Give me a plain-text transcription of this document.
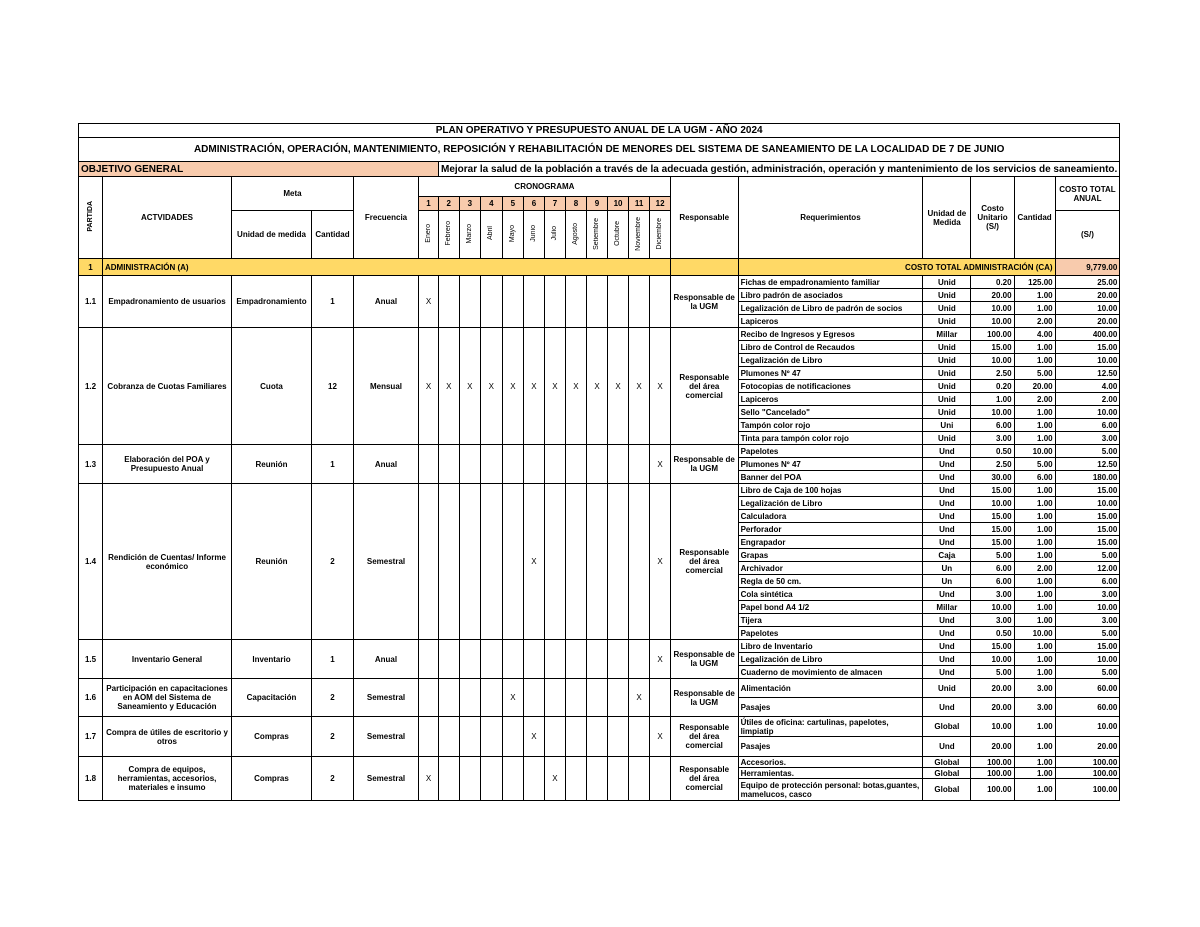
PLAN OPERATIVO Y PRESUPUESTO ANUAL DE LA UGM - AÑO 2024																						
ADMINISTRACIÓN, OPERACIÓN, MANTENIMIENTO, REPOSICIÓN Y REHABILITACIÓN DE MENORES DEL SISTEMA DE SANEAMIENTO DE LA LOCALIDAD DE 7 DE JUNIO																						
OBJETIVO GENERAL						Mejorar la salud de la población a través de la adecuada gestión, administración, operación y mantenimiento de los servicios de saneamiento.																
PARTIDA	ACTVIDADES	Meta		Frecuencia	CRONOGRAMA												Responsable	Requerimientos	Unidad de Medida	Costo Unitario (S/)	Cantidad	COSTO TOTAL ANUAL
					1	2	3	4	5	6	7	8	9	10	11	12						
		Unidad de medida	Cantidad		Enero	Febrero	Marzo	Abril	Mayo	Junio	Julio	Agosto	Setiembre	Octubre	Noviembre	Diciembre						(S/)
1	ADMINISTRACIÓN (A)																	COSTO TOTAL ADMINISTRACIÓN (CA)				9,779.00
1.1	Empadronamiento de usuarios	Empadronamiento	1	Anual	X												Responsable de la UGM	Fichas de empadronamiento familiar	Unid	0.20	125.00	25.00
																		Libro padrón de asociados	Unid	20.00	1.00	20.00
																		Legalización de Libro de padrón de socios	Unid	10.00	1.00	10.00
																		Lapiceros	Unid	10.00	2.00	20.00
1.2	Cobranza de Cuotas Familiares	Cuota	12	Mensual	X	X	X	X	X	X	X	X	X	X	X	X	Responsable del área comercial	Recibo de Ingresos y Egresos	Millar	100.00	4.00	400.00
																		Libro de Control de Recaudos	Unid	15.00	1.00	15.00
																		Legalización de Libro	Unid	10.00	1.00	10.00
																		Plumones Nº 47	Unid	2.50	5.00	12.50
																		Fotocopias de notificaciones	Unid	0.20	20.00	4.00
																		Lapiceros	Unid	1.00	2.00	2.00
																		Sello "Cancelado"	Unid	10.00	1.00	10.00
																		Tampón color rojo	Uni	6.00	1.00	6.00
																		Tinta para tampón color rojo	Unid	3.00	1.00	3.00
1.3	Elaboración del POA y Presupuesto Anual	Reunión	1	Anual												X	Responsable de la UGM	Papelotes	Und	0.50	10.00	5.00
																		Plumones Nº 47	Und	2.50	5.00	12.50
																		Banner del POA	Und	30.00	6.00	180.00
1.4	Rendición de Cuentas/ Informe económico	Reunión	2	Semestral						X						X	Responsable del área comercial	Libro de Caja de 100 hojas	Und	15.00	1.00	15.00
																		Legalización de Libro	Und	10.00	1.00	10.00
																		Calculadora	Und	15.00	1.00	15.00
																		Perforador	Und	15.00	1.00	15.00
																		Engrapador	Und	15.00	1.00	15.00
																		Grapas	Caja	5.00	1.00	5.00
																		Archivador	Un	6.00	2.00	12.00
																		Regla de 50 cm.	Un	6.00	1.00	6.00
																		Cola sintética	Und	3.00	1.00	3.00
																		Papel bond A4 1/2	Millar	10.00	1.00	10.00
																		Tijera	Und	3.00	1.00	3.00
																		Papelotes	Und	0.50	10.00	5.00
1.5	Inventario General	Inventario	1	Anual												X	Responsable de la UGM	Libro de Inventario	Und	15.00	1.00	15.00
																		Legalización de Libro	Und	10.00	1.00	10.00
																		Cuaderno de movimiento de almacen	Und	5.00	1.00	5.00
1.6	Participación en capacitaciones en AOM del Sistema de Saneamiento y Educación	Capacitación	2	Semestral					X						X		Responsable de la UGM	Alimentación	Unid	20.00	3.00	60.00
																		Pasajes	Und	20.00	3.00	60.00
1.7	Compra de útiles de escritorio y otros	Compras	2	Semestral						X						X	Responsable del área comercial	Útiles de oficina: cartulinas, papelotes, limpiatip	Global	10.00	1.00	10.00
																		Pasajes	Und	20.00	1.00	20.00
1.8	Compra de equipos, herramientas, accesorios, materiales e insumo	Compras	2	Semestral	X						X						Responsable del área comercial	Accesorios.	Global	100.00	1.00	100.00
																		Herramientas.	Global	100.00	1.00	100.00
																		Equipo de protección personal: botas,guantes, mamelucos, casco	Global	100.00	1.00	100.00
